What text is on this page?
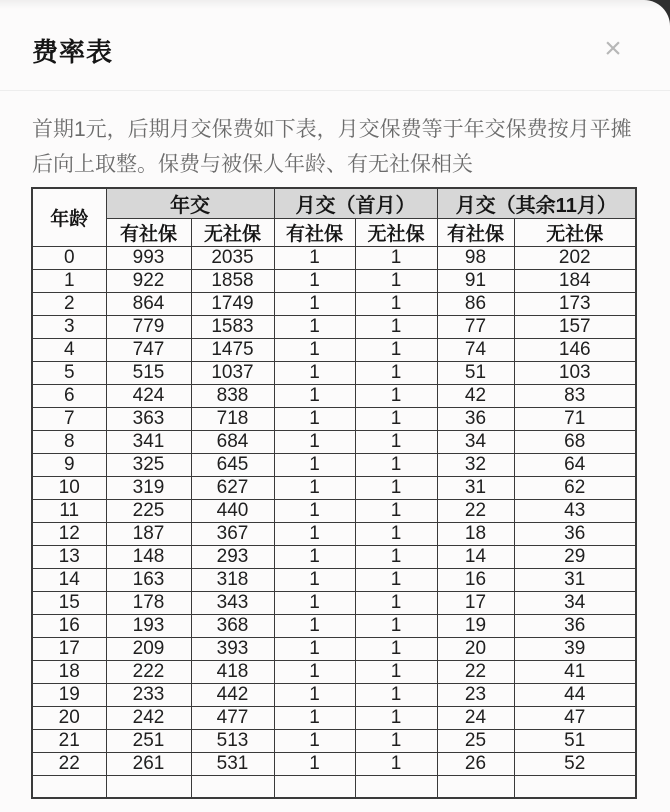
费率表	×
首期1元，后期月交保费如下表，月交保费等于年交保费按月平摊
后向上取整。保费与被保人年龄、有无社保相关
年龄	年交		月交（首月）		月交（其余11月）	
	有社保	无社保	有社保	无社保	有社保	无社保
0	993	2035	1	1	98	202
1	922	1858	1	1	91	184
2	864	1749	1	1	86	173
3	779	1583	1	1	77	157
4	747	1475	1	1	74	146
5	515	1037	1	1	51	103
6	424	838	1	1	42	83
7	363	718	1	1	36	71
8	341	684	1	1	34	68
9	325	645	1	1	32	64
10	319	627	1	1	31	62
11	225	440	1	1	22	43
12	187	367	1	1	18	36
13	148	293	1	1	14	29
14	163	318	1	1	16	31
15	178	343	1	1	17	34
16	193	368	1	1	19	36
17	209	393	1	1	20	39
18	222	418	1	1	22	41
19	233	442	1	1	23	44
20	242	477	1	1	24	47
21	251	513	1	1	25	51
22	261	531	1	1	26	52
